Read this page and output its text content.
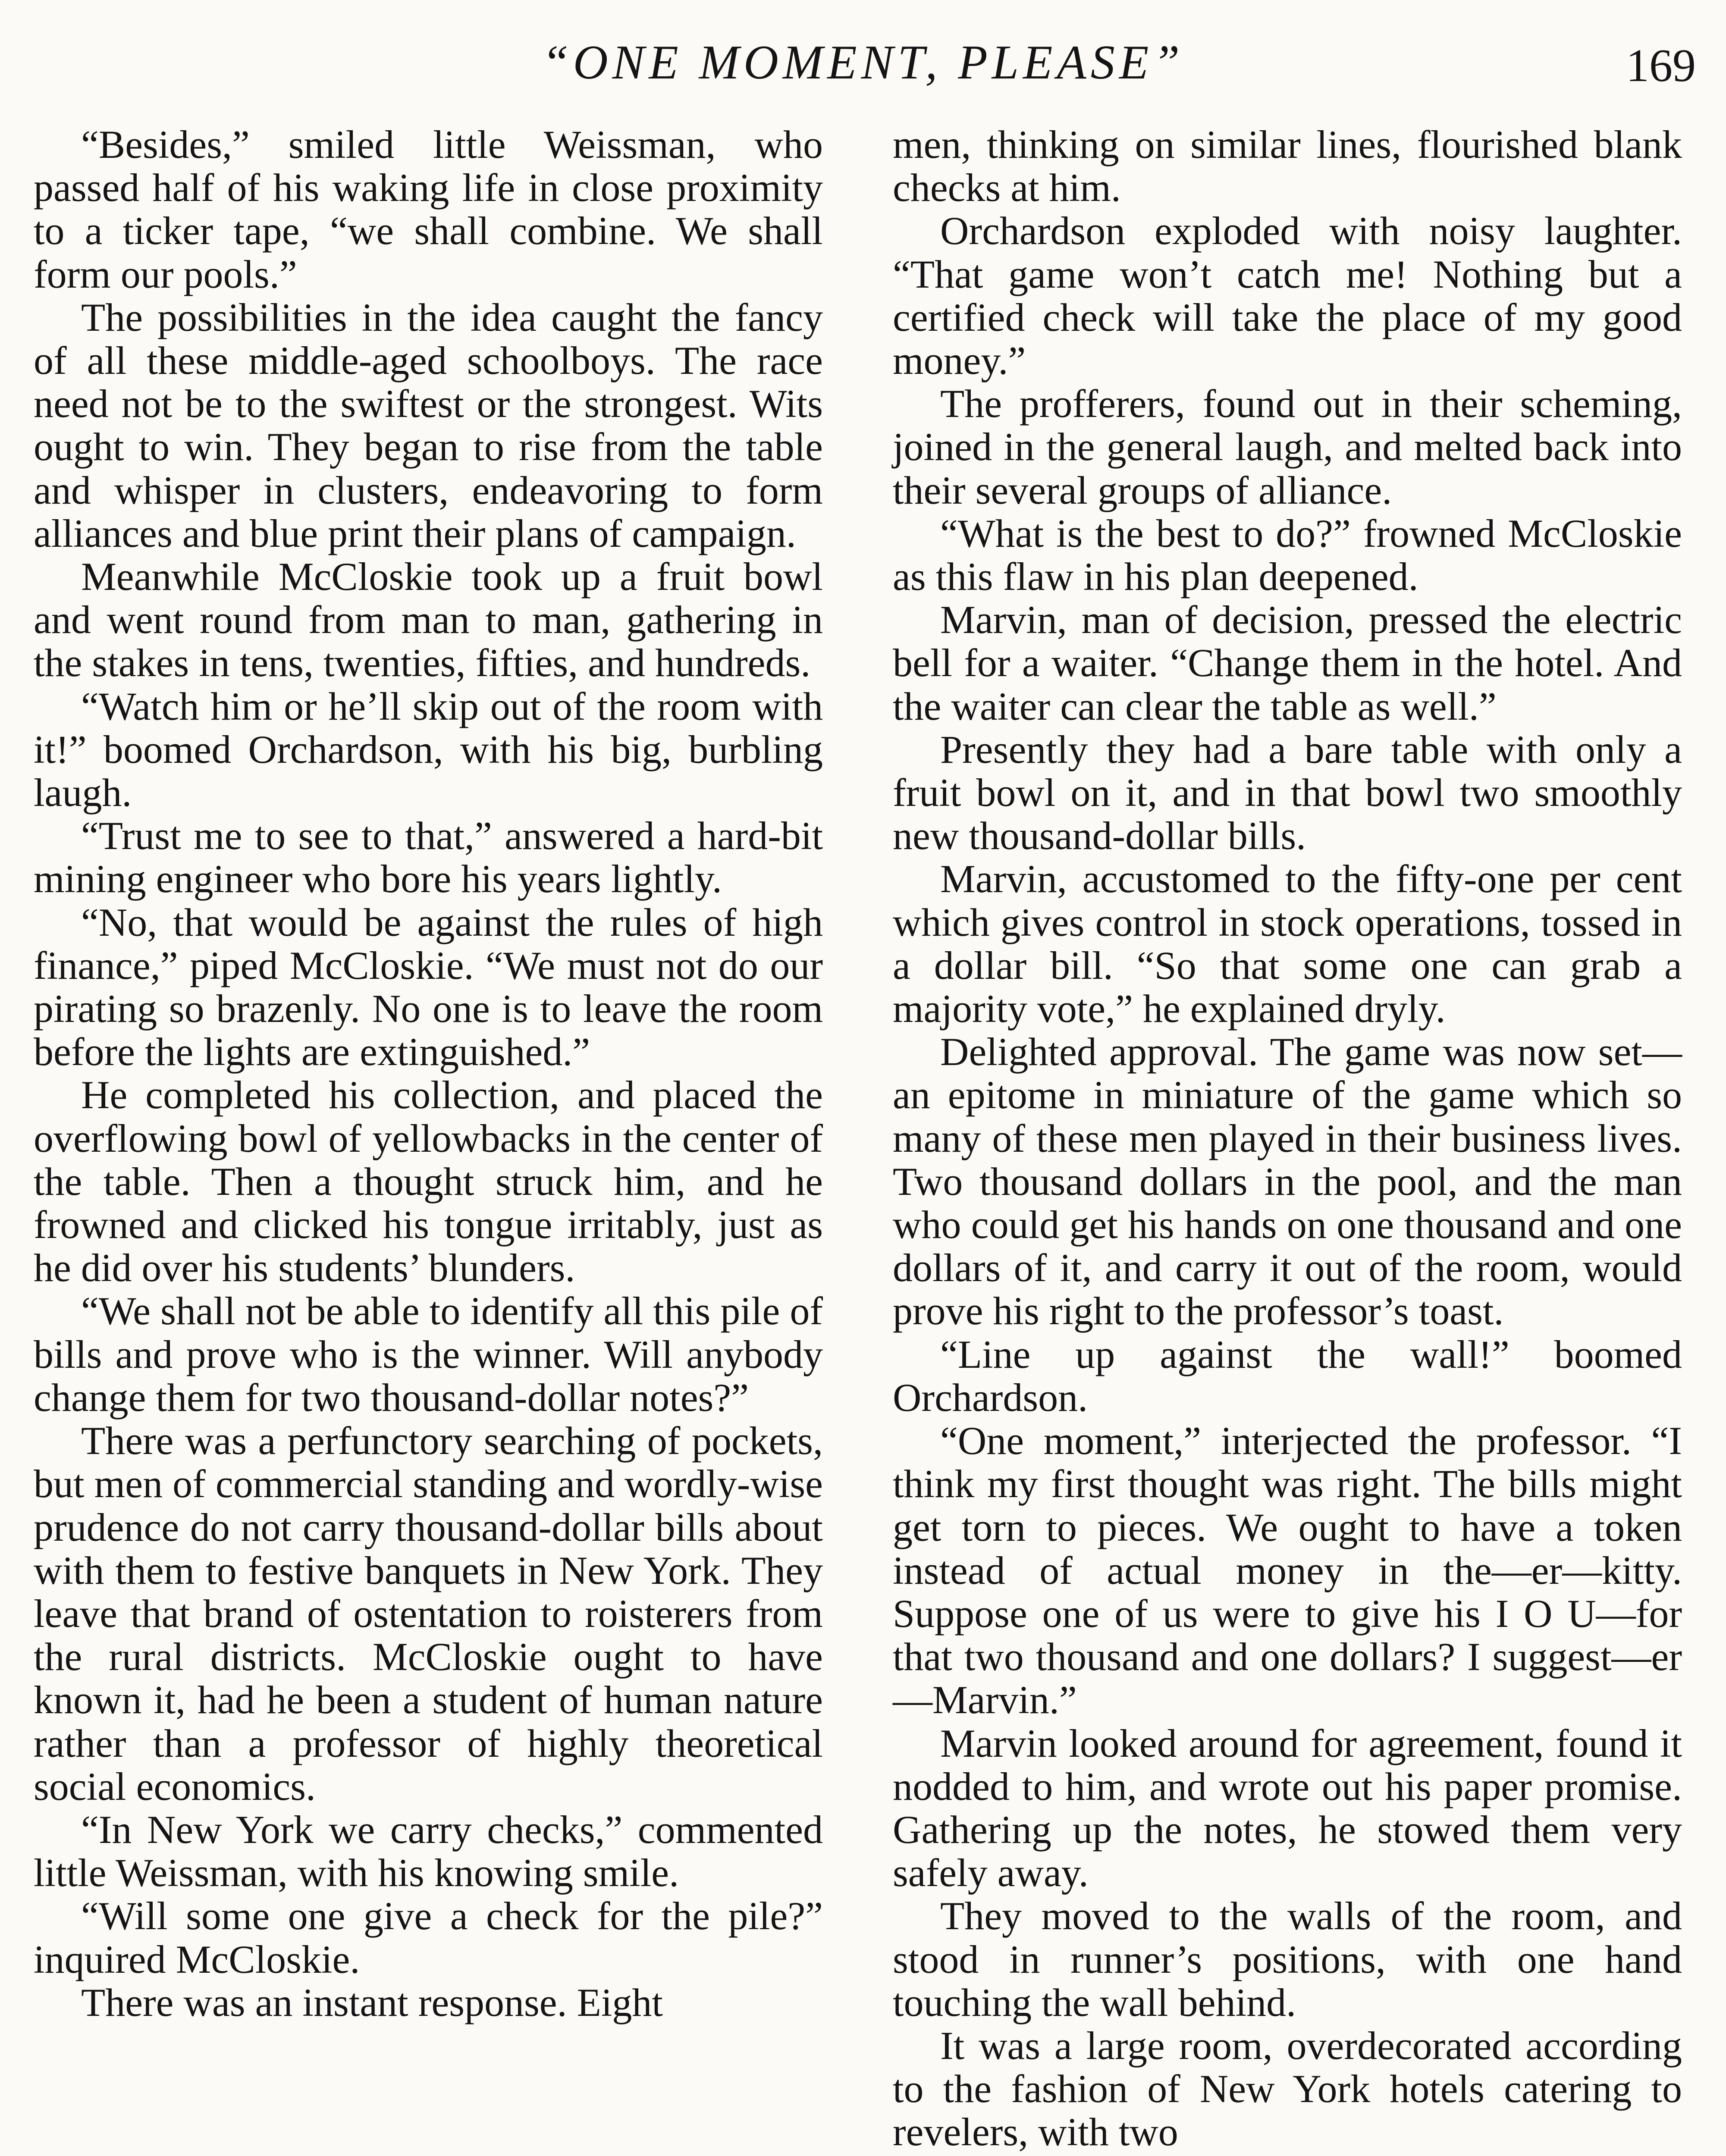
“ONE MOMENT, PLEASE”	169

“Besides,” smiled little Weissman, who passed half of his waking life in close proximity to a ticker tape, “we shall combine. We shall form our pools.”

The possibilities in the idea caught the fancy of all these middle-aged schoolboys. The race need not be to the swiftest or the strongest. Wits ought to win. They began to rise from the table and whisper in clusters, endeavoring to form alliances and blue print their plans of campaign.

Meanwhile McCloskie took up a fruit bowl and went round from man to man, gathering in the stakes in tens, twenties, fifties, and hundreds.

“Watch him or he’ll skip out of the room with it!” boomed Orchardson, with his big, burbling laugh.

“Trust me to see to that,” answered a hard-bit mining engineer who bore his years lightly.

“No, that would be against the rules of high finance,” piped McCloskie. “We must not do our pirating so brazenly. No one is to leave the room before the lights are extinguished.”

He completed his collection, and placed the overflowing bowl of yellowbacks in the center of the table. Then a thought struck him, and he frowned and clicked his tongue irritably, just as he did over his students’ blunders.

“We shall not be able to identify all this pile of bills and prove who is the winner. Will anybody change them for two thousand-dollar notes?”

There was a perfunctory searching of pockets, but men of commercial standing and wordly-wise prudence do not carry thousand-dollar bills about with them to festive banquets in New York. They leave that brand of ostentation to roisterers from the rural districts. McCloskie ought to have known it, had he been a student of human nature rather than a professor of highly theoretical social economics.

“In New York we carry checks,” commented little Weissman, with his knowing smile.

“Will some one give a check for the pile?” inquired McCloskie.

There was an instant response. Eight

men, thinking on similar lines, flourished blank checks at him.

Orchardson exploded with noisy laughter. “That game won’t catch me! Nothing but a certified check will take the place of my good money.”

The profferers, found out in their scheming, joined in the general laugh, and melted back into their several groups of alliance.

“What is the best to do?” frowned McCloskie as this flaw in his plan deepened.

Marvin, man of decision, pressed the electric bell for a waiter. “Change them in the hotel. And the waiter can clear the table as well.”

Presently they had a bare table with only a fruit bowl on it, and in that bowl two smoothly new thousand-dollar bills.

Marvin, accustomed to the fifty-one per cent which gives control in stock operations, tossed in a dollar bill. “So that some one can grab a majority vote,” he explained dryly.

Delighted approval. The game was now set—an epitome in miniature of the game which so many of these men played in their business lives. Two thousand dollars in the pool, and the man who could get his hands on one thousand and one dollars of it, and carry it out of the room, would prove his right to the professor’s toast.

“Line up against the wall!” boomed Orchardson.

“One moment,” interjected the professor. “I think my first thought was right. The bills might get torn to pieces. We ought to have a token instead of actual money in the—er—kitty. Suppose one of us were to give his I O U—for that two thousand and one dollars? I suggest—er—Marvin.”

Marvin looked around for agreement, found it nodded to him, and wrote out his paper promise. Gathering up the notes, he stowed them very safely away.

They moved to the walls of the room, and stood in runner’s positions, with one hand touching the wall behind.

It was a large room, overdecorated according to the fashion of New York hotels catering to revelers, with two
